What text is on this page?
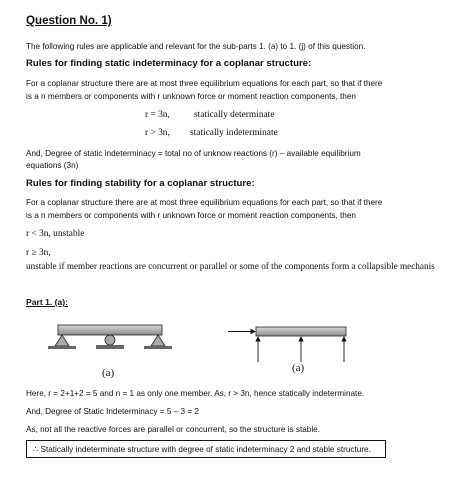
Question No. 1)
The following rules are applicable and relevant for the sub-parts 1. (a) to 1. (j) of this question.
Rules for finding static indeterminacy for a coplanar structure:
For a coplanar structure there are at most three equilibrium equations for each part, so that if there
is a n members or components with r unknown force or moment reaction components, then
r = 3n,	statically determinate
r > 3n, statically indeterminate
And, Degree of static indeterminacy = total no of unknow reactions (r) – available equilibrium
equations (3n)
Rules for finding stability for a coplanar structure:
For a coplanar structure there are at most three equilibrium equations for each part, so that if there
is a n members or components with r unknown force or moment reaction components, then
r < 3n, unstable
r ≥ 3n,
unstable if member reactions are concurrent or parallel or some of the components form a collapsible mechanis
Part 1. (a):
(a)	(a)
Here, r = 2+1+2 = 5 and n = 1 as only one member. As, r > 3n, hence statically indeterminate.
And, Degree of Static Indeterminacy = 5 – 3 = 2
As, not all the reactive forces are parallel or concurrent, so the structure is stable.
∴ Statically indeterminate structure with degree of static indeterminacy 2 and stable structure.
